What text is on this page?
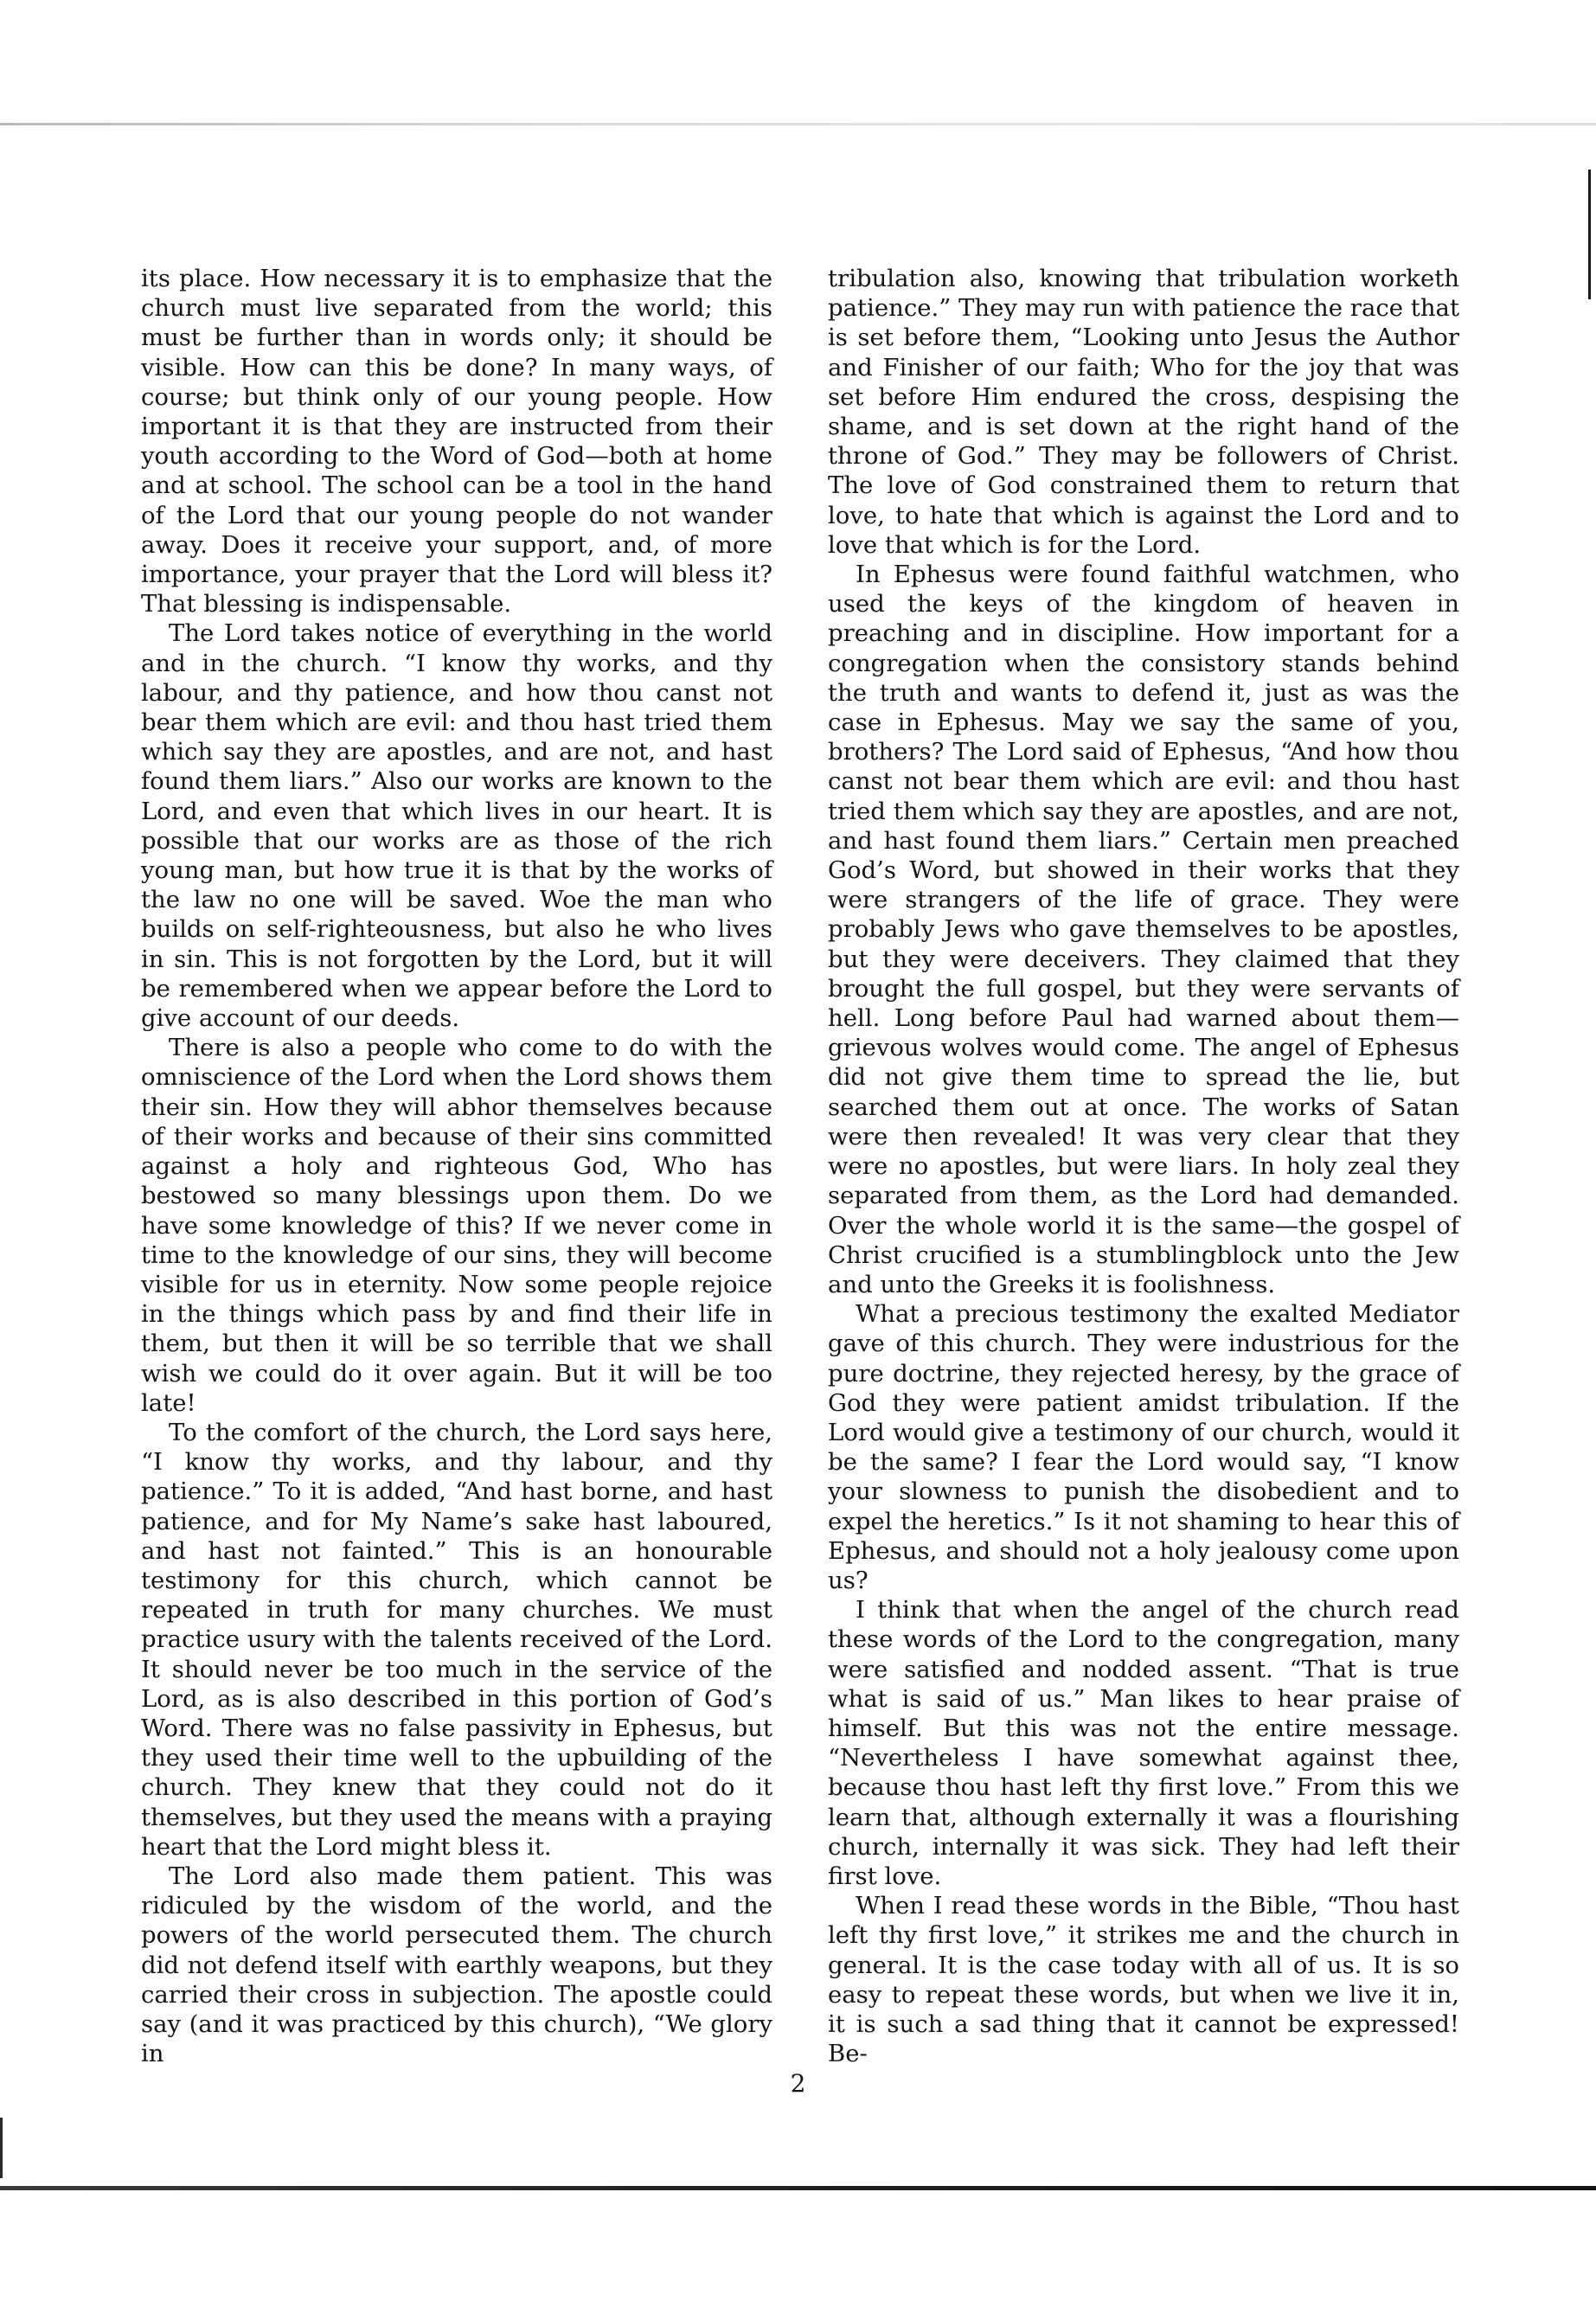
its place. How necessary it is to emphasize that the church must live separated from the world; this must be further than in words only; it should be visible. How can this be done? In many ways, of course; but think only of our young people. How important it is that they are instructed from their youth according to the Word of God—both at home and at school. The school can be a tool in the hand of the Lord that our young people do not wander away. Does it receive your support, and, of more importance, your prayer that the Lord will bless it? That blessing is indispensable.

The Lord takes notice of everything in the world and in the church. “I know thy works, and thy labour, and thy patience, and how thou canst not bear them which are evil: and thou hast tried them which say they are apostles, and are not, and hast found them liars.” Also our works are known to the Lord, and even that which lives in our heart. It is possible that our works are as those of the rich young man, but how true it is that by the works of the law no one will be saved. Woe the man who builds on self-righteousness, but also he who lives in sin. This is not forgotten by the Lord, but it will be remembered when we appear before the Lord to give account of our deeds.

There is also a people who come to do with the omniscience of the Lord when the Lord shows them their sin. How they will abhor themselves because of their works and because of their sins committed against a holy and righteous God, Who has bestowed so many blessings upon them. Do we have some knowledge of this? If we never come in time to the knowledge of our sins, they will become visible for us in eternity. Now some people rejoice in the things which pass by and find their life in them, but then it will be so terrible that we shall wish we could do it over again. But it will be too late!

To the comfort of the church, the Lord says here, “I know thy works, and thy labour, and thy patience.” To it is added, “And hast borne, and hast patience, and for My Name’s sake hast laboured, and hast not fainted.” This is an honourable testimony for this church, which cannot be repeated in truth for many churches. We must practice usury with the talents received of the Lord. It should never be too much in the service of the Lord, as is also described in this portion of God’s Word. There was no false passivity in Ephesus, but they used their time well to the upbuilding of the church. They knew that they could not do it themselves, but they used the means with a praying heart that the Lord might bless it.

The Lord also made them patient. This was ridiculed by the wisdom of the world, and the powers of the world persecuted them. The church did not defend itself with earthly weapons, but they carried their cross in subjection. The apostle could say (and it was practiced by this church), “We glory in

tribulation also, knowing that tribulation worketh patience.” They may run with patience the race that is set before them, “Looking unto Jesus the Author and Finisher of our faith; Who for the joy that was set before Him endured the cross, despising the shame, and is set down at the right hand of the throne of God.” They may be followers of Christ. The love of God constrained them to return that love, to hate that which is against the Lord and to love that which is for the Lord.

In Ephesus were found faithful watchmen, who used the keys of the kingdom of heaven in preaching and in discipline. How important for a congregation when the consistory stands behind the truth and wants to defend it, just as was the case in Ephesus. May we say the same of you, brothers? The Lord said of Ephesus, “And how thou canst not bear them which are evil: and thou hast tried them which say they are apostles, and are not, and hast found them liars.” Certain men preached God’s Word, but showed in their works that they were strangers of the life of grace. They were probably Jews who gave themselves to be apostles, but they were deceivers. They claimed that they brought the full gospel, but they were servants of hell. Long before Paul had warned about them—grievous wolves would come. The angel of Ephesus did not give them time to spread the lie, but searched them out at once. The works of Satan were then revealed! It was very clear that they were no apostles, but were liars. In holy zeal they separated from them, as the Lord had demanded. Over the whole world it is the same—the gospel of Christ crucified is a stumblingblock unto the Jew and unto the Greeks it is foolishness.

What a precious testimony the exalted Mediator gave of this church. They were industrious for the pure doctrine, they rejected heresy, by the grace of God they were patient amidst tribulation. If the Lord would give a testimony of our church, would it be the same? I fear the Lord would say, “I know your slowness to punish the disobedient and to expel the heretics.” Is it not shaming to hear this of Ephesus, and should not a holy jealousy come upon us?

I think that when the angel of the church read these words of the Lord to the congregation, many were satisfied and nodded assent. “That is true what is said of us.” Man likes to hear praise of himself. But this was not the entire message. “Nevertheless I have somewhat against thee, because thou hast left thy first love.” From this we learn that, although externally it was a flourishing church, internally it was sick. They had left their first love.

When I read these words in the Bible, “Thou hast left thy first love,” it strikes me and the church in general. It is the case today with all of us. It is so easy to repeat these words, but when we live it in, it is such a sad thing that it cannot be expressed! Be-

2
